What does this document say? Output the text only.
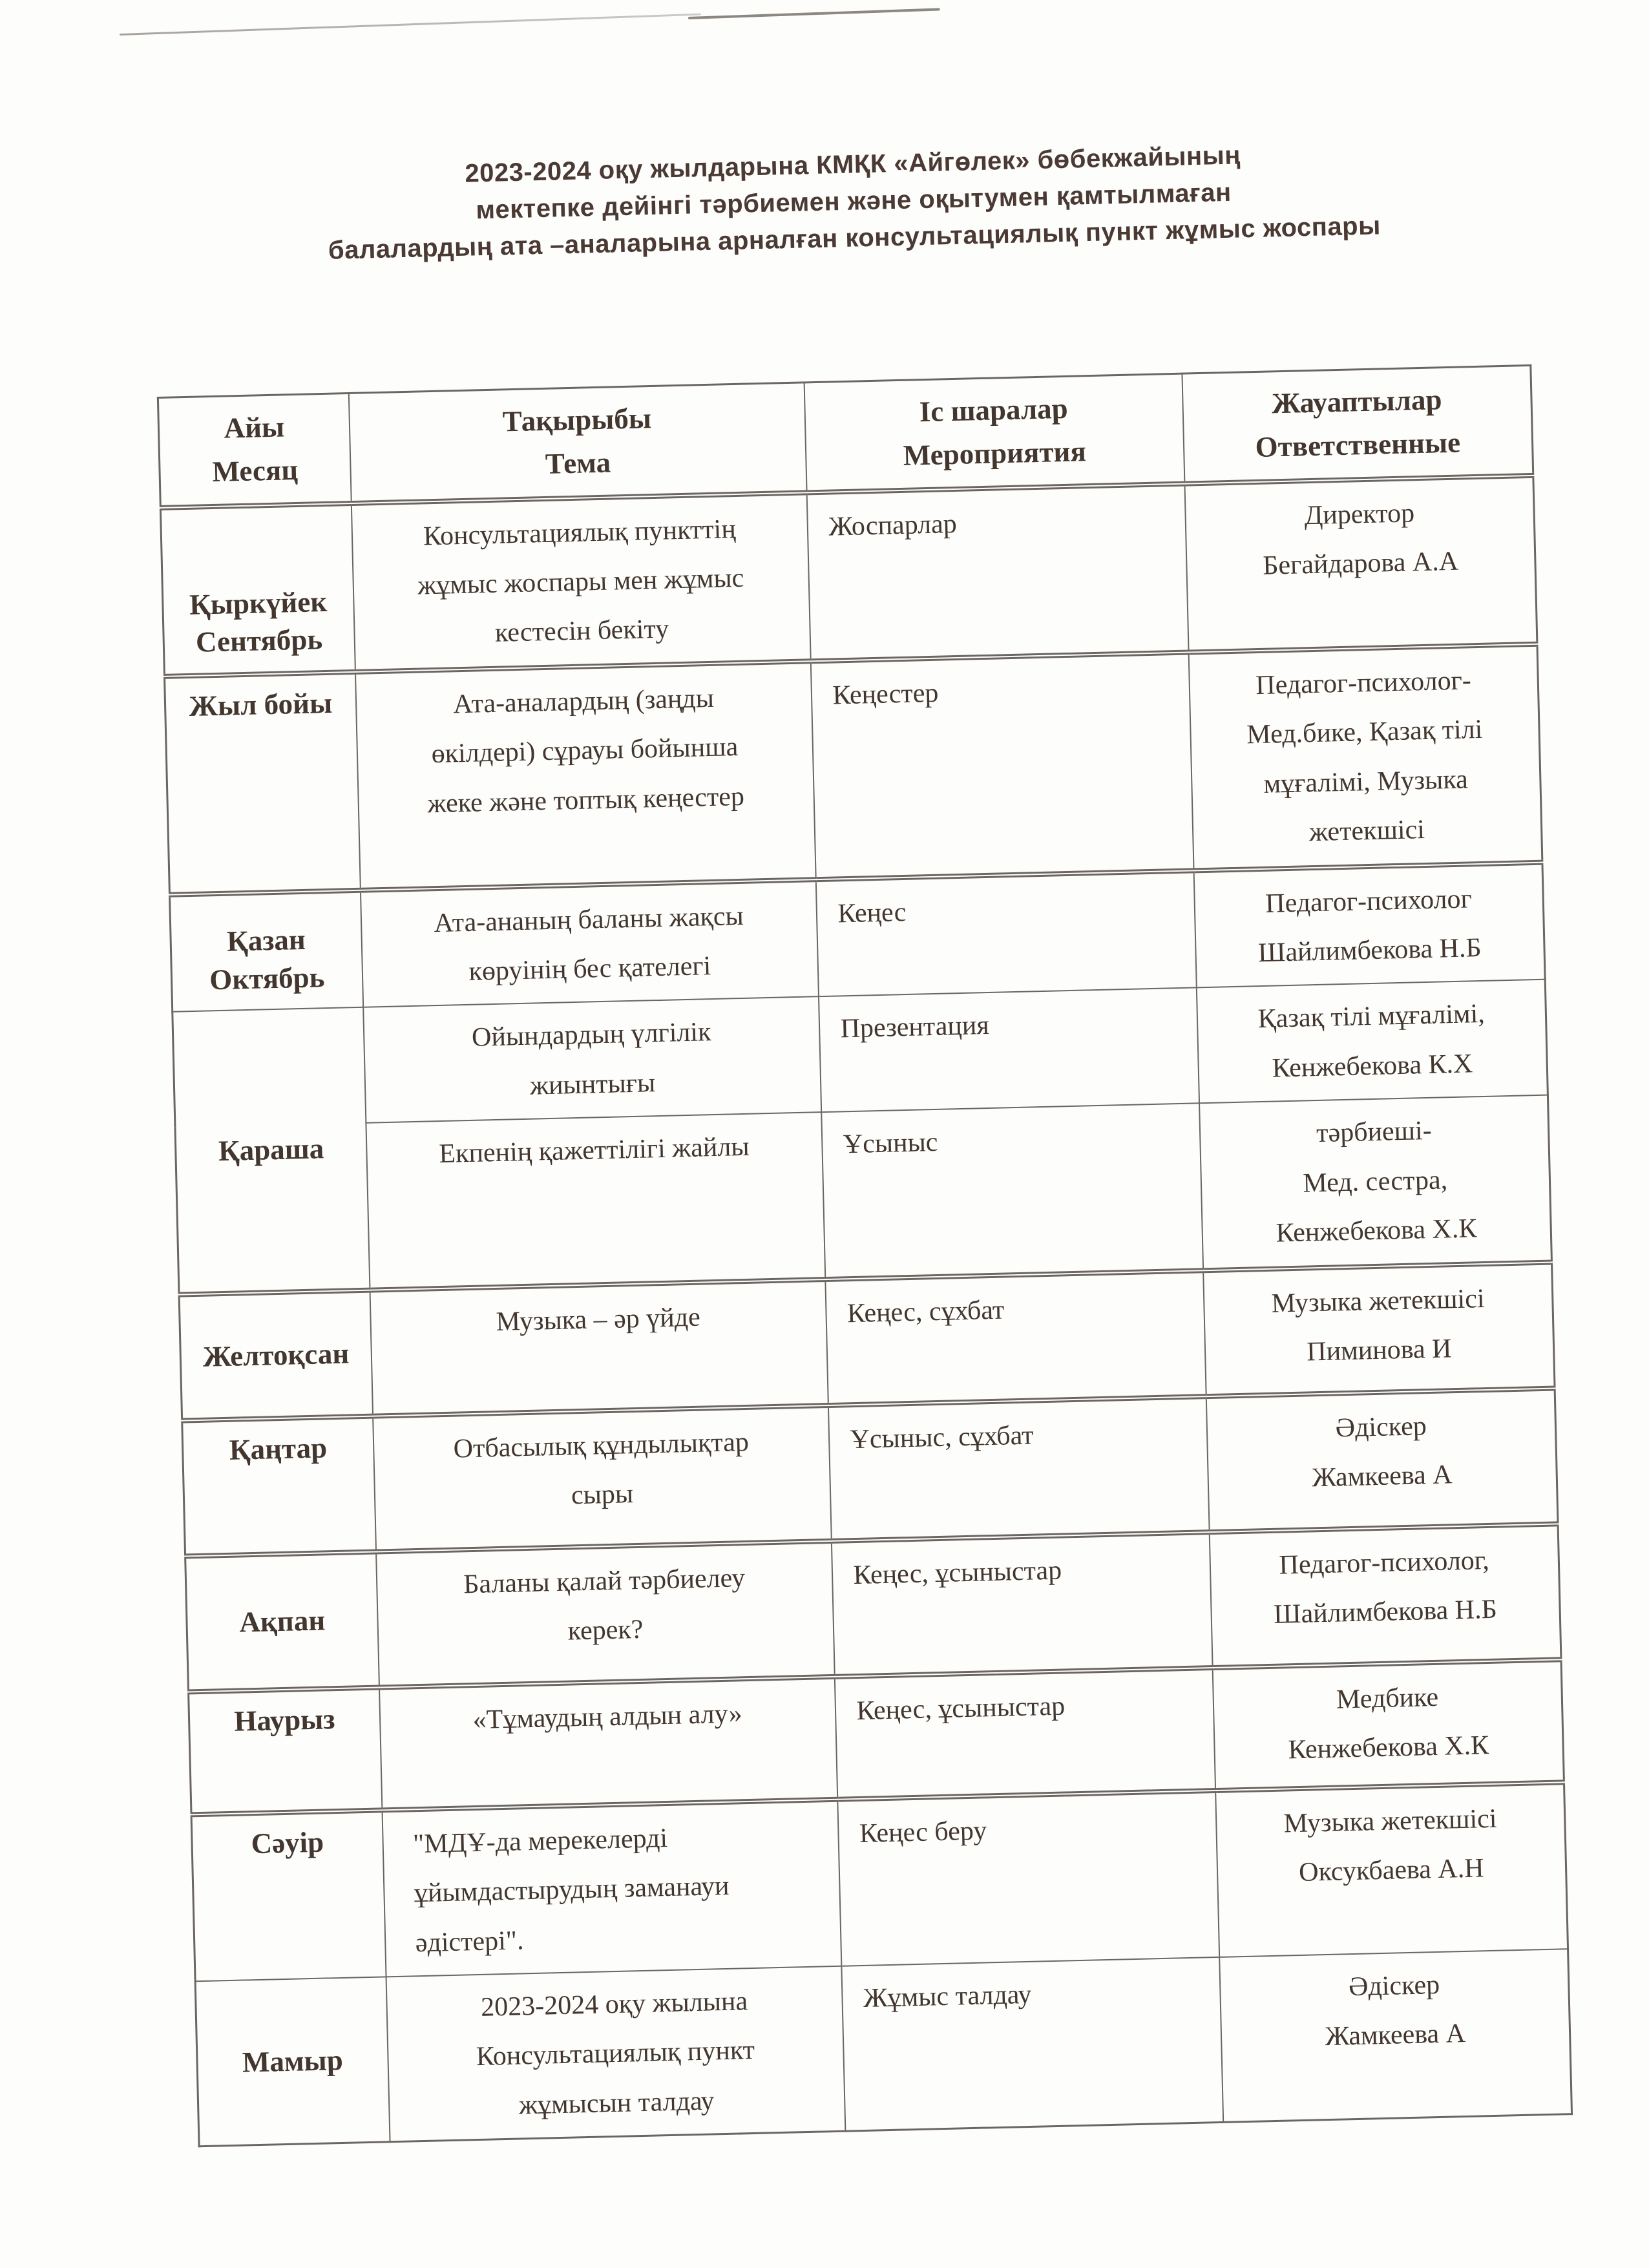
2023-2024 оқу жылдарына КМҚК «Айгөлек» бөбекжайының
мектепке дейінгі тәрбиемен және оқытумен қамтылмаған
балалардың ата –аналарына арналған консультациялық пункт жұмыс жоспары
Айы
Месяц	Тақырыбы
Тема	Іс шаралар
Мероприятия	Жауаптылар
Ответственные
Қыркүйек
Сентябрь	Консультациялық пункттің
жұмыс жоспары мен жұмыс
кестесін бекіту	Жоспарлар	Директор
Бегайдарова А.А
Жыл бойы	Ата-аналардың (заңды
өкілдері) сұрауы бойынша
жеке және топтық кеңестер	Кеңестер	Педагог-психолог-
Мед.бике, Қазақ тілі
мұғалімі, Музыка
жетекшісі
Қазан
Октябрь	Ата-ананың баланы жақсы
көруінің бес қателегі	Кеңес	Педагог-психолог
Шайлимбекова Н.Б
Қараша	Ойындардың үлгілік
жиынтығы	Презентация	Қазақ тілі мұғалімі,
Кенжебекова К.Х
	Екпенің қажеттілігі жайлы	Ұсыныс	тәрбиеші-
Мед. сестра,
Кенжебекова Х.К
Желтоқсан	Музыка – әр үйде	Кеңес, сұхбат	Музыка жетекшісі
Пиминова И
Қаңтар	Отбасылық құндылықтар
сыры	Ұсыныс, сұхбат	Әдіскер
Жамкеева А
Ақпан	Баланы қалай тәрбиелеу
керек?	Кеңес, ұсыныстар	Педагог-психолог,
Шайлимбекова Н.Б
Наурыз	«Тұмаудың алдын алу»	Кеңес, ұсыныстар	Медбике
Кенжебекова Х.К
Сәуір	"МДҰ-да мерекелерді
ұйымдастырудың заманауи
әдістері".	Кеңес беру	Музыка жетекшісі
Оксукбаева А.Н
Мамыр	2023-2024 оқу жылына
Консультациялық пункт
жұмысын талдау	Жұмыс талдау	Әдіскер
Жамкеева А
